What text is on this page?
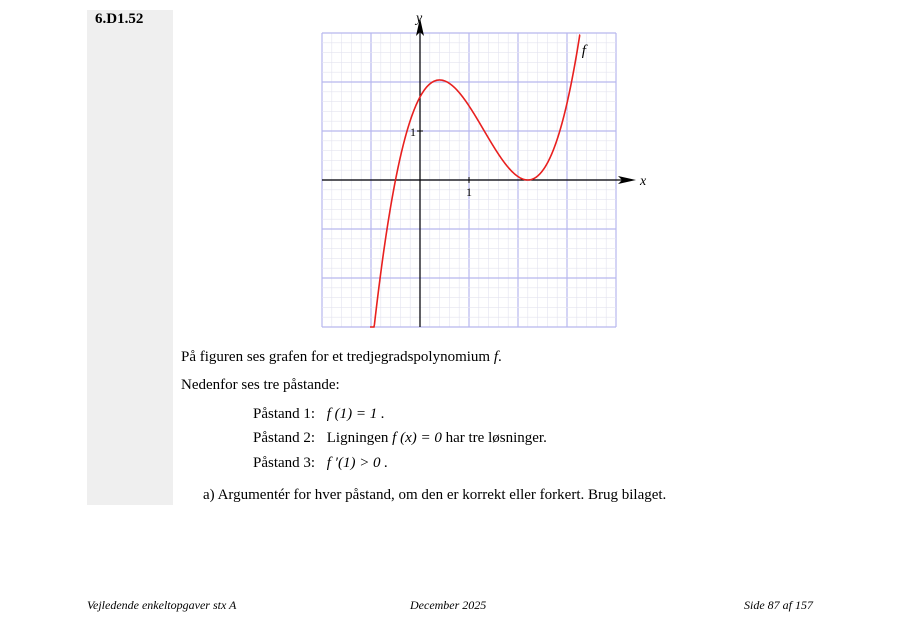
6.D1.52	y
x
f
1
1
På figuren ses grafen for et tredjegradspolynomium f.
Nedenfor ses tre påstande:
Påstand 1: f (1) = 1 .
Påstand 2: Ligningen f (x) = 0 har tre løsninger.
Påstand 3: f ′(1) > 0 .
a) Argumentér for hver påstand, om den er korrekt eller forkert. Brug bilaget.
Vejledende enkeltopgaver stx A	December 2025	Side 87 af 157
